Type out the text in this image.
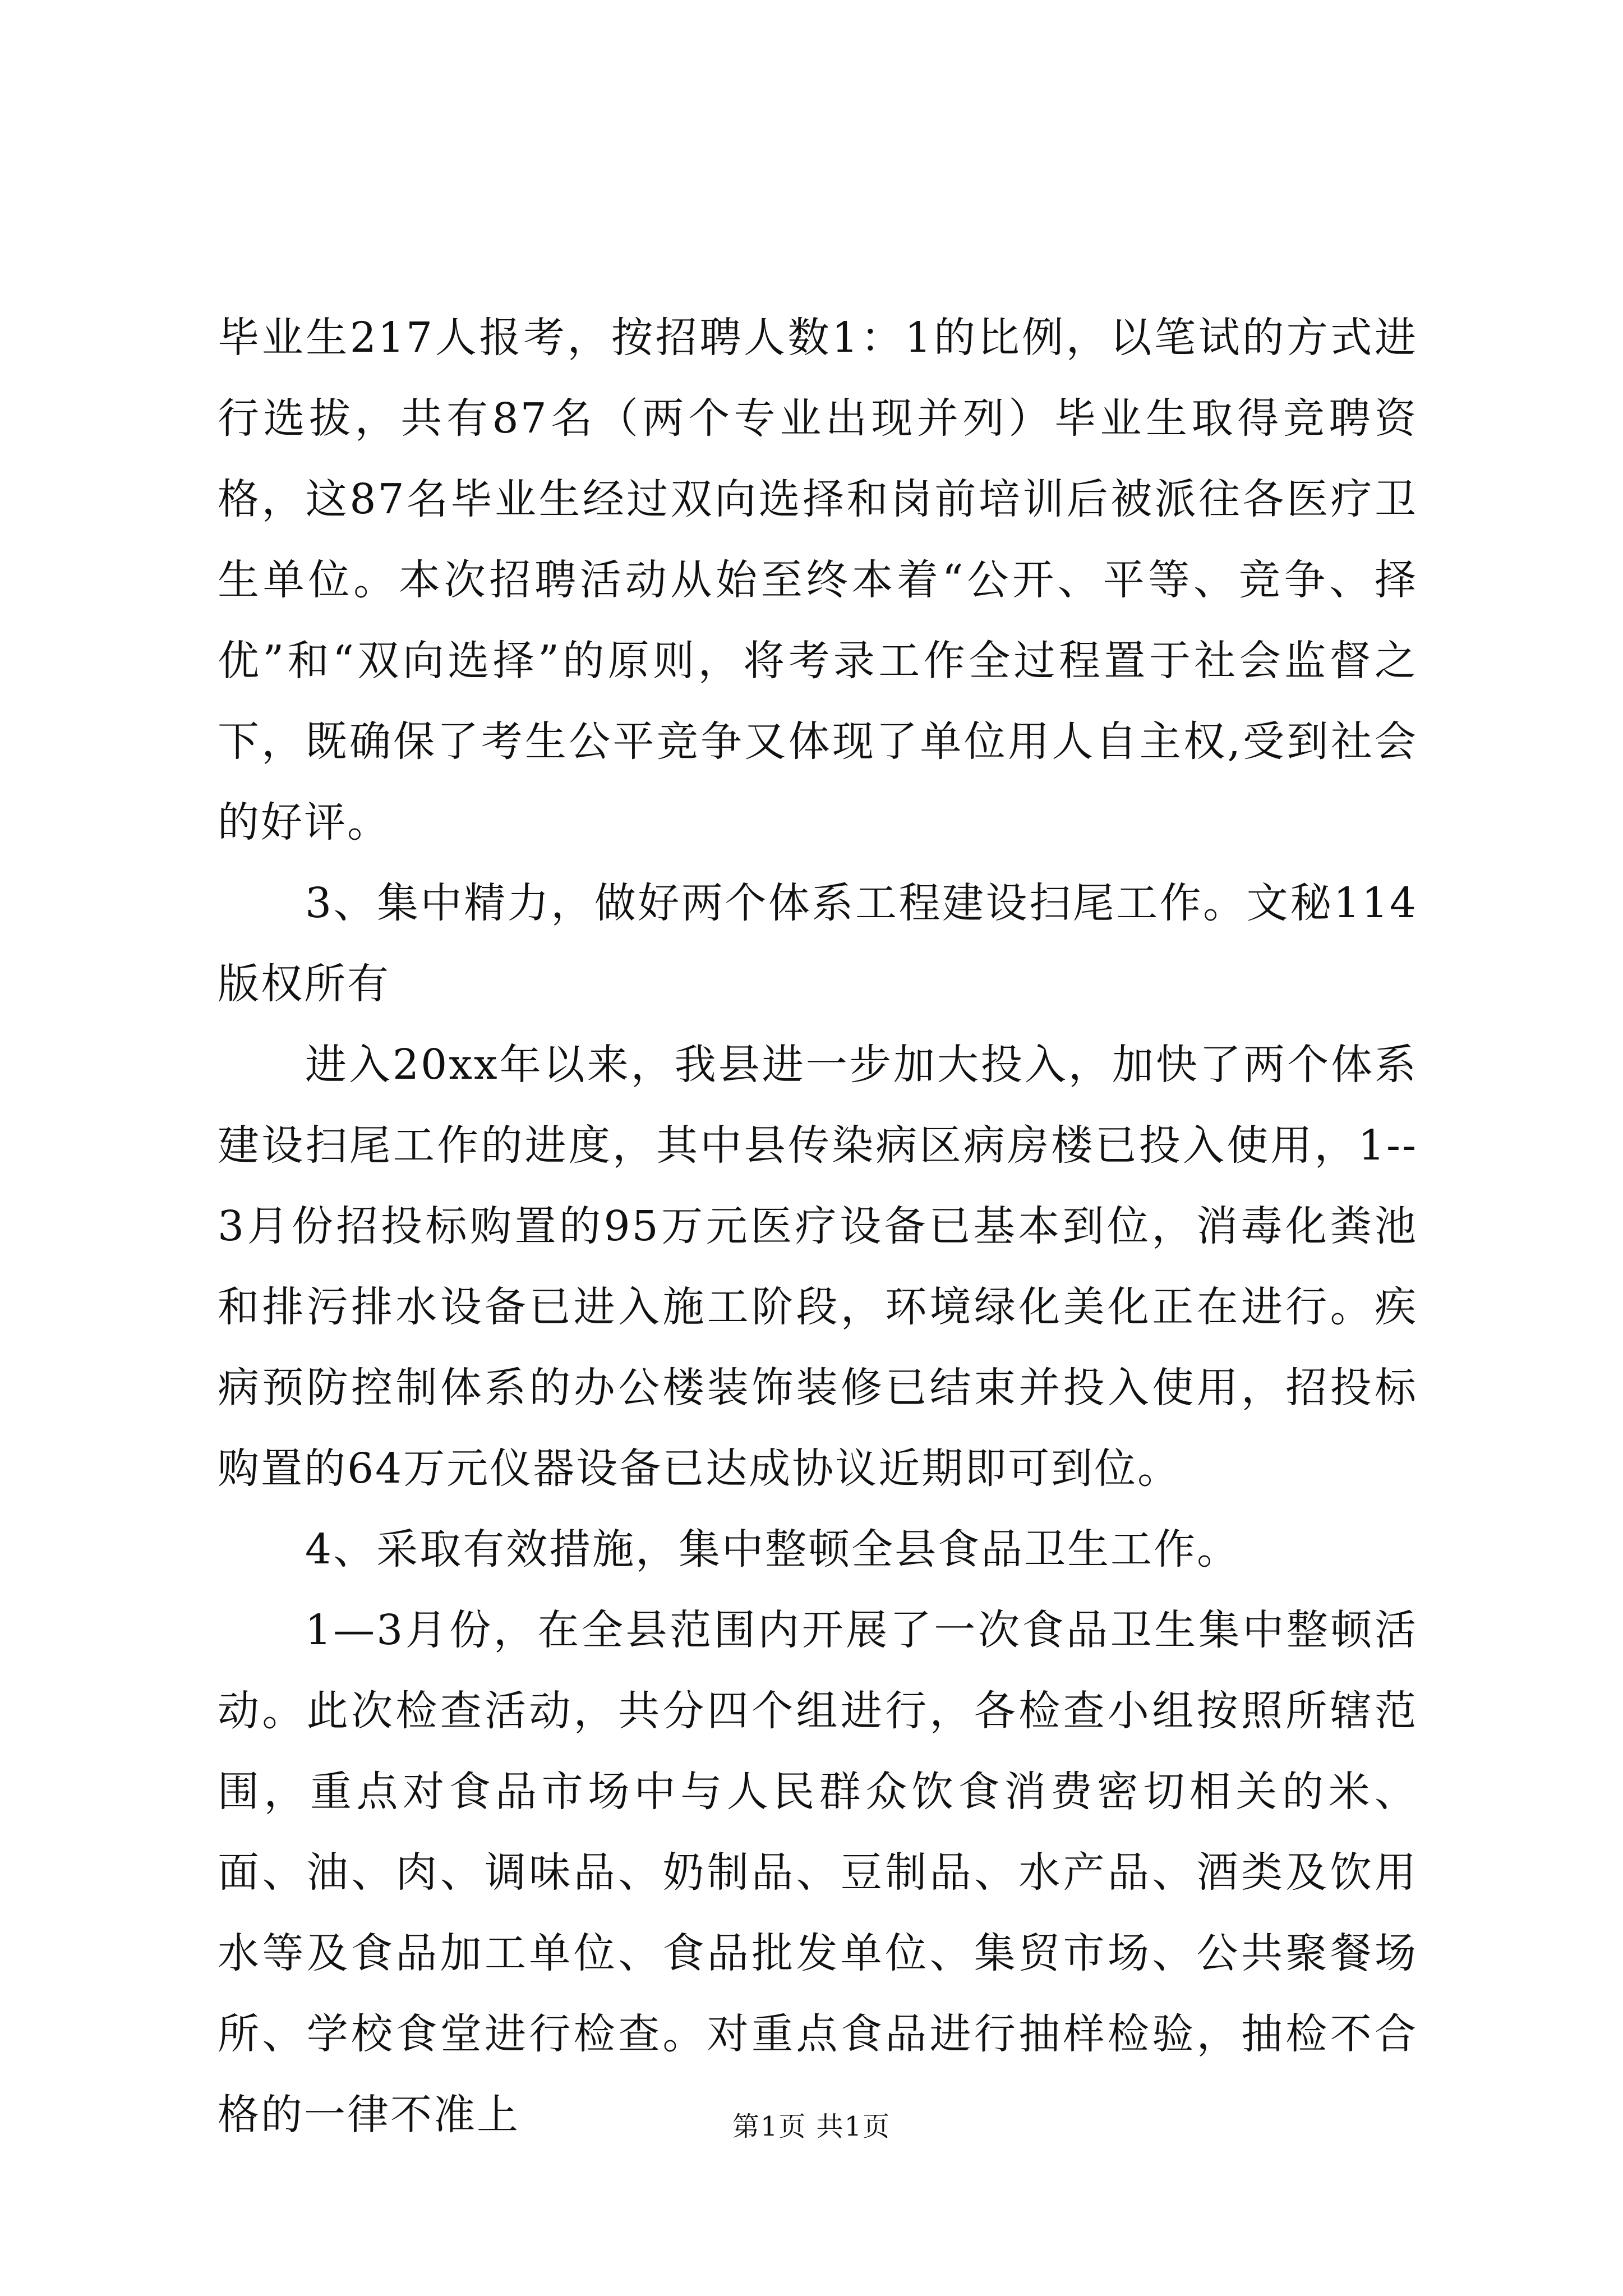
毕业生217人报考，按招聘人数1：1的比例，以笔试的方式进行选拔，共有87名（两个专业出现并列）毕业生取得竞聘资格，这87名毕业生经过双向选择和岗前培训后被派往各医疗卫生单位。本次招聘活动从始至终本着“公开、平等、竞争、择优”和“双向选择”的原则，将考录工作全过程置于社会监督之下，既确保了考生公平竞争又体现了单位用人自主权,受到社会的好评。

3、集中精力，做好两个体系工程建设扫尾工作。文秘114版权所有

进入20xx年以来，我县进一步加大投入，加快了两个体系建设扫尾工作的进度，其中县传染病区病房楼已投入使用，1--3月份招投标购置的95万元医疗设备已基本到位，消毒化粪池和排污排水设备已进入施工阶段，环境绿化美化正在进行。疾病预防控制体系的办公楼装饰装修已结束并投入使用，招投标购置的64万元仪器设备已达成协议近期即可到位。

4、采取有效措施，集中整顿全县食品卫生工作。

1—3月份，在全县范围内开展了一次食品卫生集中整顿活动。此次检查活动，共分四个组进行，各检查小组按照所辖范围，重点对食品市场中与人民群众饮食消费密切相关的米、面、油、肉、调味品、奶制品、豆制品、水产品、酒类及饮用水等及食品加工单位、食品批发单位、集贸市场、公共聚餐场所、学校食堂进行检查。对重点食品进行抽样检验，抽检不合格的一律不准上	第1页 共1页
